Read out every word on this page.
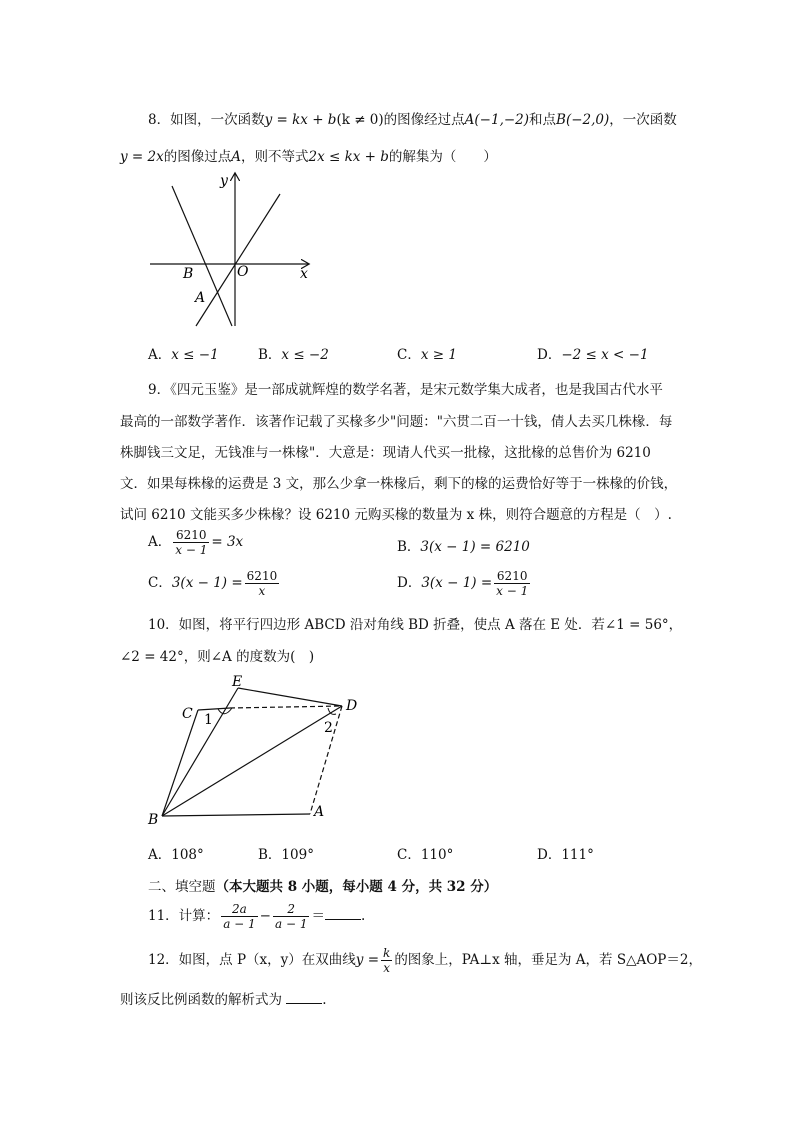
8．如图，一次函数y = kx + b(k ≠ 0)的图像经过点A(−1,−2)和点B(−2,0)，一次函数
y = 2x的图像过点A，则不等式2x ≤ kx + b的解集为（　　）
y
x
O
B
A
A．x ≤ −1	B．x ≤ −2	C．x ≥ 1	D．−2 ≤ x < −1
9．《四元玉鉴》是一部成就辉煌的数学名著，是宋元数学集大成者，也是我国古代水平
最高的一部数学著作．该著作记载了买椽多少"问题："六贯二百一十钱，倩人去买几株椽．每
株脚钱三文足，无钱准与一株椽"．大意是：现请人代买一批椽，这批椽的总售价为 6210
文．如果每株椽的运费是 3 文，那么少拿一株椽后，剩下的椽的运费恰好等于一株椽的价钱，
试问 6210 文能买多少株椽？设 6210 元购买椽的数量为 x 株，则符合题意的方程是（　）.
A． $\frac{6210}{x - 1} = 3x$	B．3(x − 1) = 6210
C．$3(x - 1) = \frac{6210}{x}$	D．$3(x - 1) = \frac{6210}{x - 1}$
10．如图，将平行四边形 ABCD 沿对角线 BD 折叠，使点 A 落在 E 处．若∠1 = 56°，
∠2 = 42°，则∠A 的度数为(　)
E
C	D
B	A
1	2
A．108°	B．109°	C．110°	D．111°
二、填空题（本大题共 8 小题，每小题 4 分，共 32 分）
11．计算： $\frac{2a}{a - 1} - \frac{2}{a - 1}$ ＝	.
12．如图，点 P（x，y）在双曲线$y = \frac{k}{x}$ 的图象上，PA⊥x 轴，垂足为 A，若 S△AOP＝2，
则该反比例函数的解析式为	.
